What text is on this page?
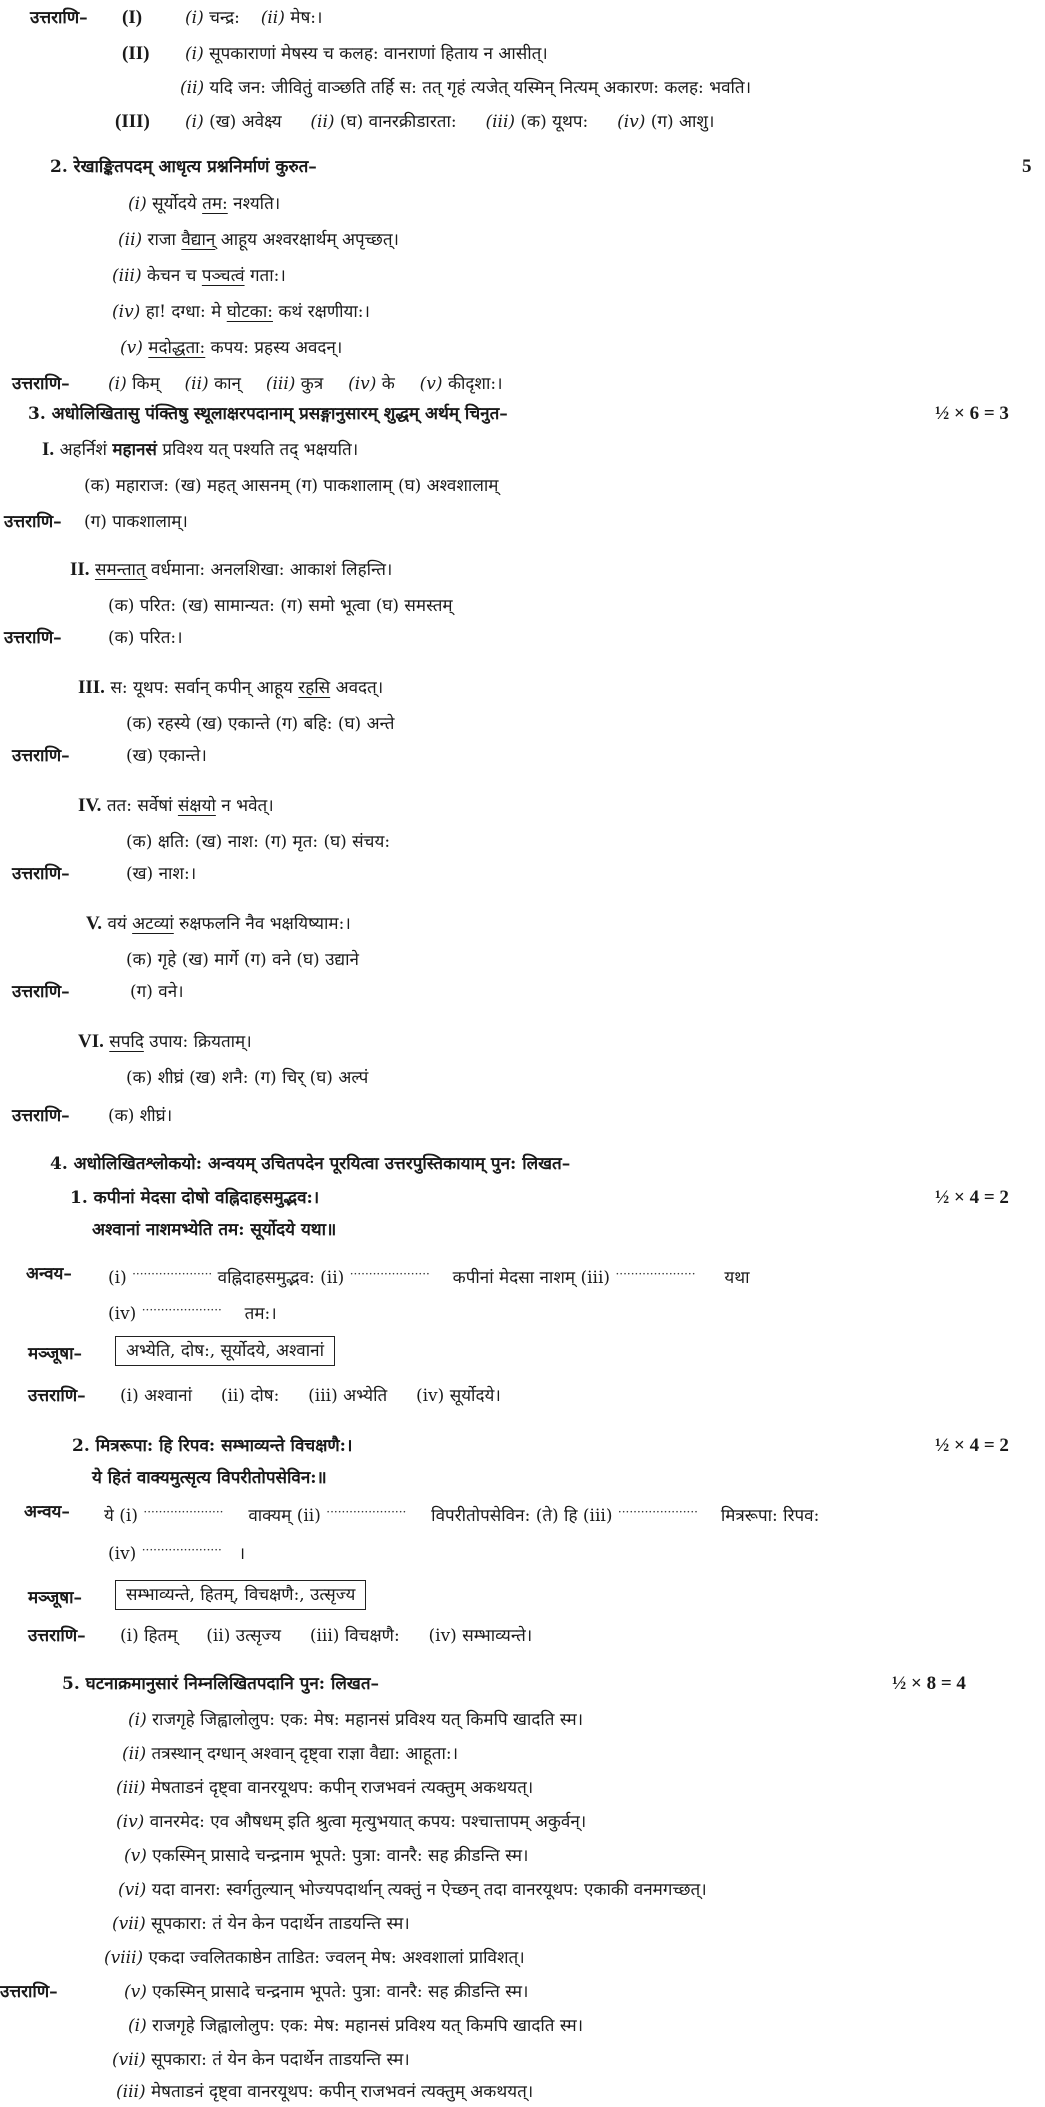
उत्तराणि– (I)	(i) चन्द्र: (ii) मेष:।
(II) (i) सूपकाराणां मेषस्य च कलह: वानराणां हिताय न आसीत्।
(ii) यदि जन: जीवितुं वाञ्छति तर्हि स: तत् गृहं त्यजेत् यस्मिन् नित्यम् अकारण: कलह: भवति।
(III) (i) (ख) अवेक्ष्य (ii) (घ) वानरक्रीडारता: (iii) (क) यूथप: (iv) (ग) आशु।
2. रेखाङ्कितपदम् आधृत्य प्रश्ननिर्माणं कुरुत–	5
(i) सूर्योदये तम: नश्यति।
(ii) राजा वैद्यान् आहूय अश्वरक्षार्थम् अपृच्छत्।
(iii) केचन च पञ्चत्वं गता:।
(iv) हा! दग्धा: मे घोटका: कथं रक्षणीया:।
(v) मदोद्धता: कपय: प्रहस्य अवदन्।
उत्तराणि– (i) किम् (ii) कान् (iii) कुत्र (iv) के (v) कीदृशा:।
3. अधोलिखितासु पंक्तिषु स्थूलाक्षरपदानाम् प्रसङ्गानुसारम् शुद्धम् अर्थम् चिनुत–	½ × 6 = 3
I. अहर्निशं महानसं प्रविश्य यत् पश्यति तद् भक्षयति।
(क) महाराज: (ख) महत् आसनम् (ग) पाकशालाम् (घ) अश्वशालाम्
उत्तराणि– (ग) पाकशालाम्।
II. समन्तात् वर्धमाना: अनलशिखा: आकाशं लिहन्ति।
(क) परित: (ख) सामान्यत: (ग) समो भूत्वा (घ) समस्तम्
उत्तराणि–	(क) परित:।
III. स: यूथप: सर्वान् कपीन् आहूय रहसि अवदत्।
(क) रहस्ये (ख) एकान्ते (ग) बहि: (घ) अन्ते
उत्तराणि–	(ख) एकान्ते।
IV. तत: सर्वेषां संक्षयो न भवेत्।
(क) क्षति: (ख) नाश: (ग) मृत: (घ) संचय:
उत्तराणि–	(ख) नाश:।
V. वयं अटव्यां रुक्षफलनि नैव भक्षयिष्याम:।
(क) गृहे (ख) मार्गे (ग) वने (घ) उद्याने
उत्तराणि–	(ग) वने।
VI. सपदि उपाय: क्रियताम्।
(क) शीघ्रं (ख) शनै: (ग) चिर् (घ) अल्पं
उत्तराणि– (क) शीघ्रं।
4. अधोलिखितश्लोकयो: अन्वयम् उचितपदेन पूरयित्वा उत्तरपुस्तिकायाम् पुन: लिखत–
1. कपीनां मेदसा दोषो वह्निदाहसमुद्भव:।	½ × 4 = 2
अश्वानां नाशमभ्येति तम: सूर्योदये यथा॥
अन्वय– (i) ····················· वह्निदाहसमुद्भव: (ii) ····················· कपीनां मेदसा नाशम् (iii) ····················· यथा
(iv) ····················· तम:।
मञ्जूषा–	अभ्येति, दोष:, सूर्योदये, अश्वानां
उत्तराणि– (i) अश्वानां (ii) दोष: (iii) अभ्येति (iv) सूर्योदये।
2. मित्ररूपा: हि रिपव: सम्भाव्यन्ते विचक्षणै:।	½ × 4 = 2
ये हितं वाक्यमुत्सृत्य विपरीतोपसेविन:॥
अन्वय– ये (i) ····················· वाक्यम् (ii) ····················· विपरीतोपसेविन: (ते) हि (iii) ····················· मित्ररूपा: रिपव:
(iv) ····················· ।
मञ्जूषा–	सम्भाव्यन्ते, हितम्, विचक्षणै:, उत्सृज्य
उत्तराणि– (i) हितम् (ii) उत्सृज्य (iii) विचक्षणै: (iv) सम्भाव्यन्ते।
5. घटनाक्रमानुसारं निम्नलिखितपदानि पुन: लिखत–	½ × 8 = 4
(i) राजगृहे जिह्वालोलुप: एक: मेष: महानसं प्रविश्य यत् किमपि खादति स्म।
(ii) तत्रस्थान् दग्धान् अश्वान् दृष्ट्वा राज्ञा वैद्या: आहूता:।
(iii) मेषताडनं दृष्ट्वा वानरयूथप: कपीन् राजभवनं त्यक्तुम् अकथयत्।
(iv) वानरमेद: एव औषधम् इति श्रुत्वा मृत्युभयात् कपय: पश्चात्तापम् अकुर्वन्।
(v) एकस्मिन् प्रासादे चन्द्रनाम भूपते: पुत्रा: वानरै: सह क्रीडन्ति स्म।
(vi) यदा वानरा: स्वर्गतुल्यान् भोज्यपदार्थान् त्यक्तुं न ऐच्छन् तदा वानरयूथप: एकाकी वनमगच्छत्।
(vii) सूपकारा: तं येन केन पदार्थेन ताडयन्ति स्म।
(viii) एकदा ज्वलितकाष्ठेन ताडित: ज्वलन् मेष: अश्वशालां प्राविशत्।
उत्तराणि–	(v) एकस्मिन् प्रासादे चन्द्रनाम भूपते: पुत्रा: वानरै: सह क्रीडन्ति स्म।
(i) राजगृहे जिह्वालोलुप: एक: मेष: महानसं प्रविश्य यत् किमपि खादति स्म।
(vii) सूपकारा: तं येन केन पदार्थेन ताडयन्ति स्म।
(iii) मेषताडनं दृष्ट्वा वानरयूथप: कपीन् राजभवनं त्यक्तुम् अकथयत्।
